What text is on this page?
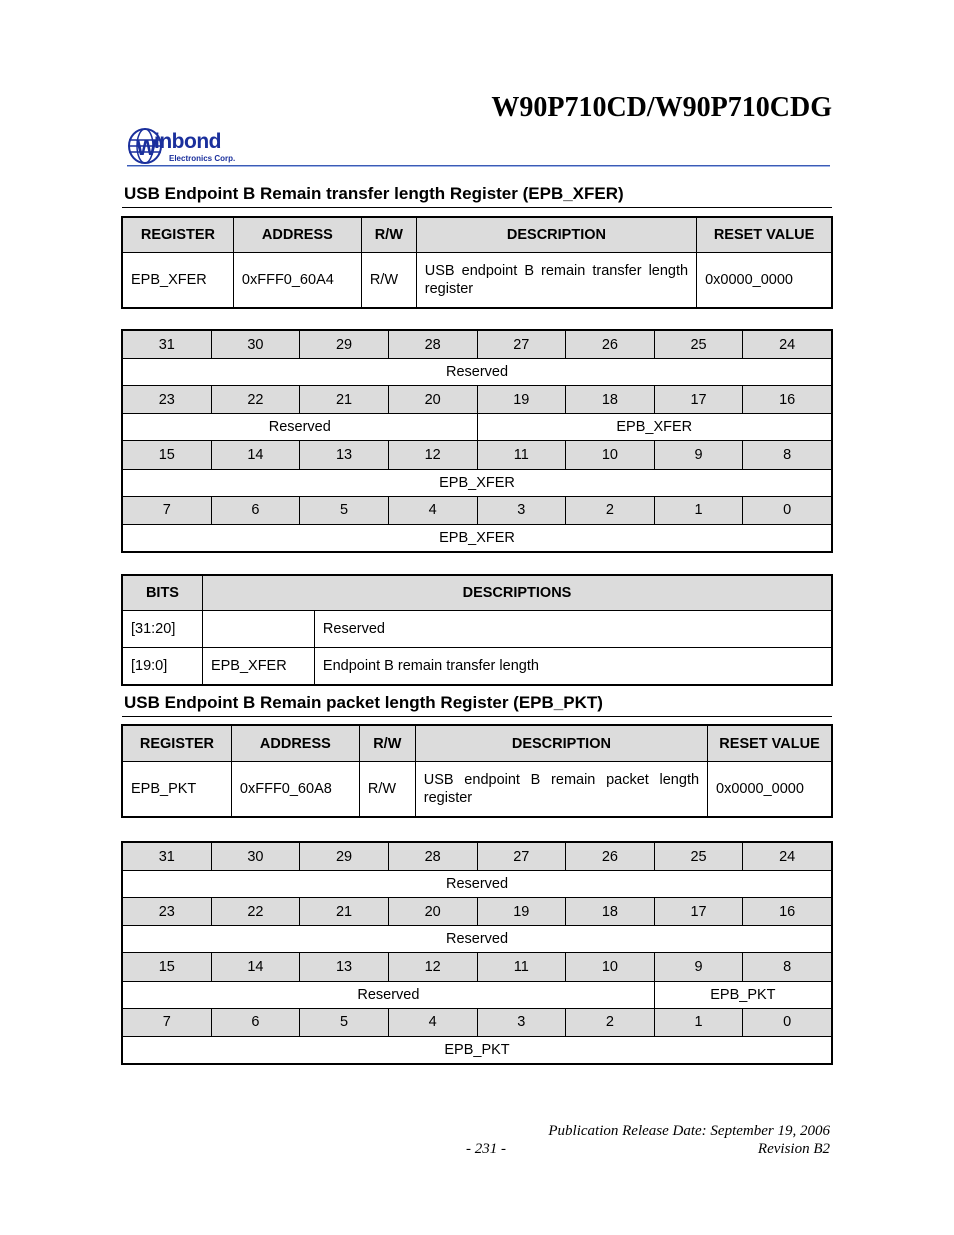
W90P710CD/W90P710CDG
W
inbond
Electronics Corp.
USB Endpoint B Remain transfer length Register (EPB_XFER)
REGISTER	ADDRESS	R/W	DESCRIPTION	RESET VALUE
EPB_XFER	0xFFF0_60A4	R/W	USB endpoint B remain transfer length register	0x0000_0000
31	30	29	28	27	26	25	24
Reserved							
23	22	21	20	19	18	17	16
Reserved				EPB_XFER			
15	14	13	12	11	10	9	8
EPB_XFER							
7	6	5	4	3	2	1	0
EPB_XFER							
BITS	DESCRIPTIONS	
[31:20]		Reserved
[19:0]	EPB_XFER	Endpoint B remain transfer length
USB Endpoint B Remain packet length Register (EPB_PKT)
REGISTER	ADDRESS	R/W	DESCRIPTION	RESET VALUE
EPB_PKT	0xFFF0_60A8	R/W	USB endpoint B remain packet length register	0x0000_0000
31	30	29	28	27	26	25	24
Reserved							
23	22	21	20	19	18	17	16
Reserved							
15	14	13	12	11	10	9	8
Reserved						EPB_PKT	
7	6	5	4	3	2	1	0
EPB_PKT							
Publication Release Date: September 19, 2006
- 231 -	Revision B2
